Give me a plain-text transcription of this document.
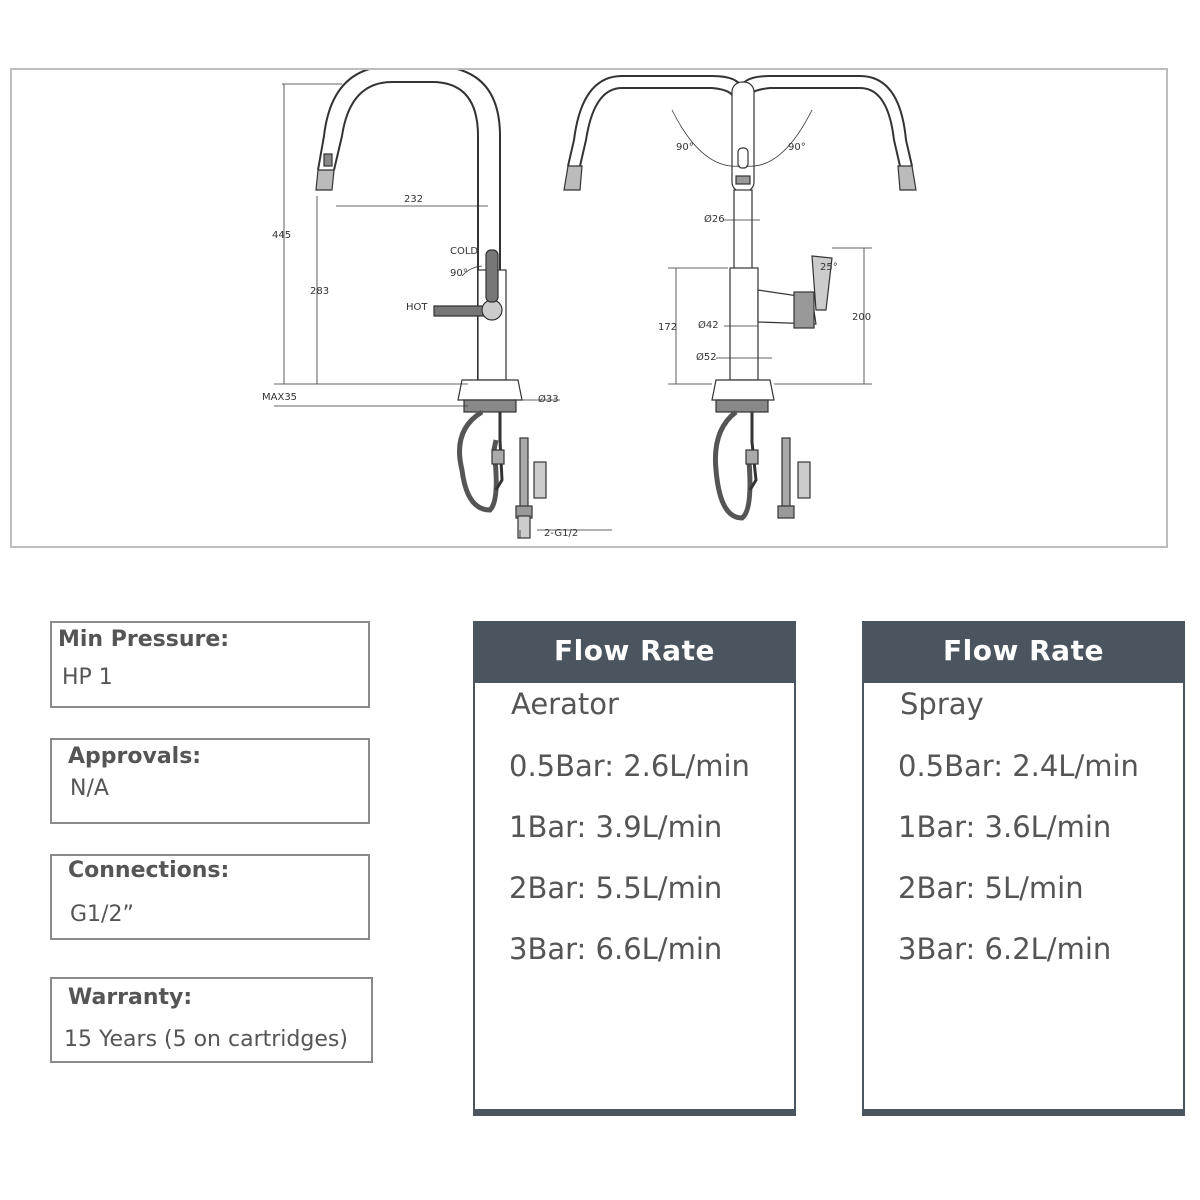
445
232
283
MAX35	Ø33
2-G1/2
90°
COLD
HOT
90°	90°
Ø26
Ø42
Ø52
172
200
25°
Min Pressure:
HP 1
Approvals:
N/A
Connections:
G1/2”
Warranty:
15 Years (5 on cartridges)
Flow Rate
Aerator
0.5Bar: 2.6L/min
1Bar: 3.9L/min
2Bar: 5.5L/min
3Bar: 6.6L/min
Flow Rate
Spray
0.5Bar: 2.4L/min
1Bar: 3.6L/min
2Bar: 5L/min
3Bar: 6.2L/min
